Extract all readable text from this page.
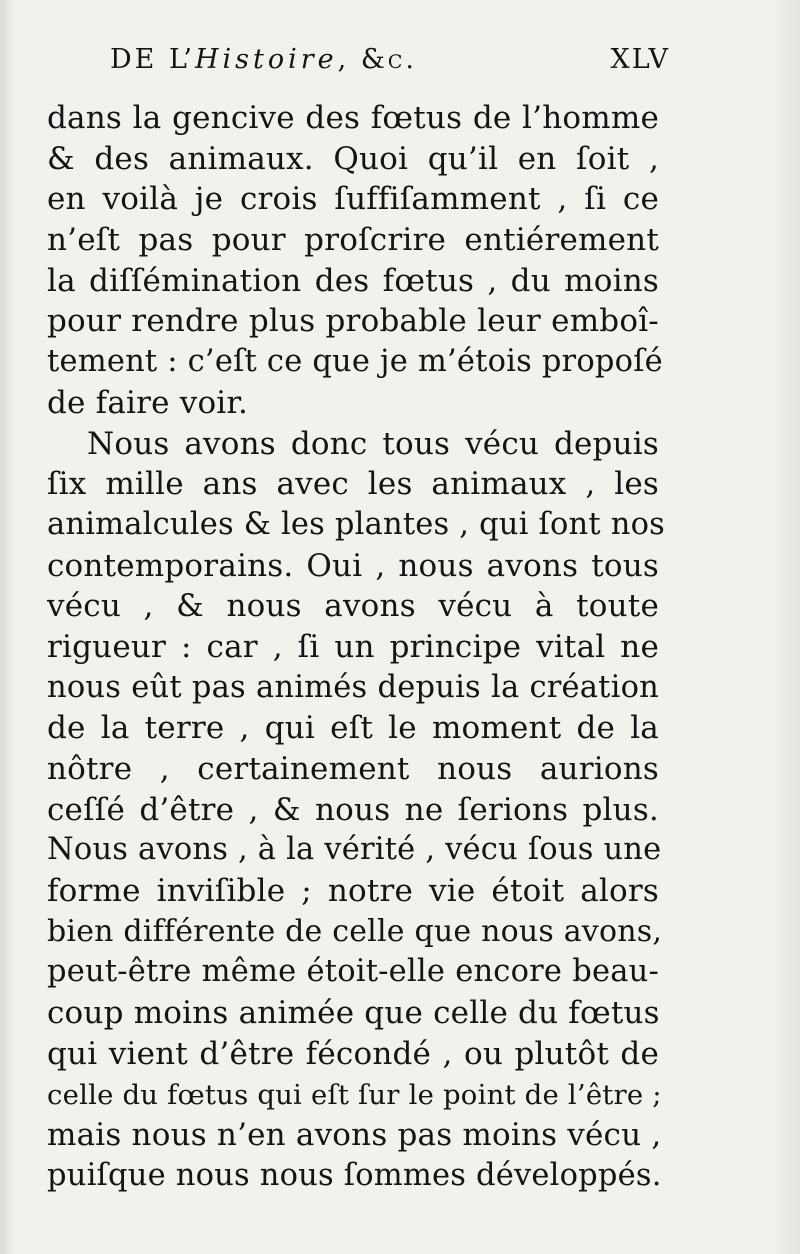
DE L’Histoire, &c.	XLV
dans la gencive des fœtus de l’homme
& des animaux. Quoi qu’il en ſoit ,
en voilà je crois ſuffiſamment , ſi ce
n’eſt pas pour proſcrire entiérement
la diſſémination des fœtus , du moins
pour rendre plus probable leur emboî-
tement : c’eſt ce que je m’étois propoſé
de faire voir.
Nous avons donc tous vécu depuis
ſix mille ans avec les animaux , les
animalcules & les plantes , qui ſont nos
contemporains. Oui , nous avons tous
vécu , & nous avons vécu à toute
rigueur : car , ſi un principe vital ne
nous eût pas animés depuis la création
de la terre , qui eſt le moment de la
nôtre , certainement nous aurions
ceſſé d’être , & nous ne ſerions plus.
Nous avons , à la vérité , vécu ſous une
forme inviſible ; notre vie étoit alors
bien différente de celle que nous avons,
peut-être même étoit-elle encore beau-
coup moins animée que celle du fœtus
qui vient d’être fécondé , ou plutôt de
celle du fœtus qui eſt ſur le point de l’être ;
mais nous n’en avons pas moins vécu ,
puiſque nous nous ſommes développés.
